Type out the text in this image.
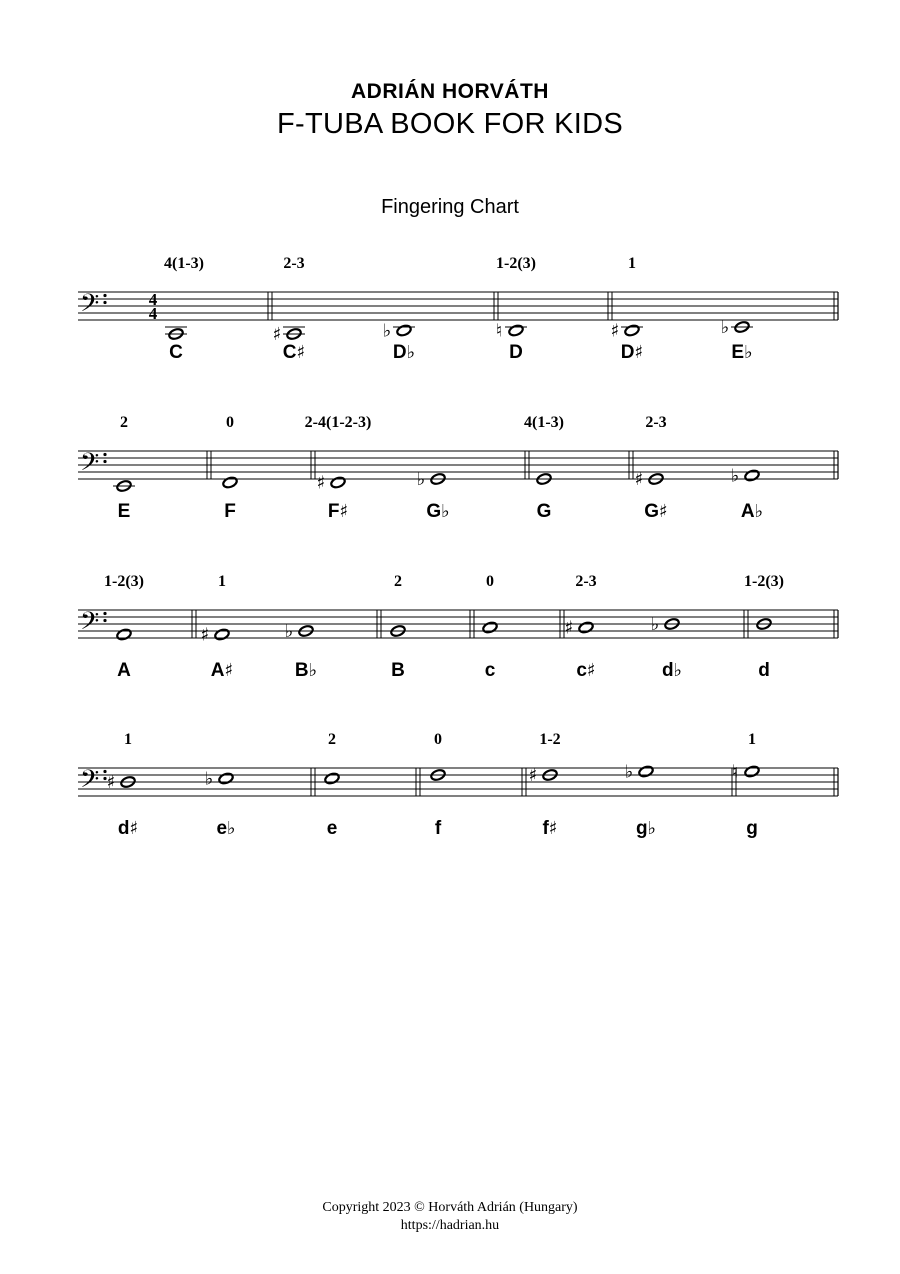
ADRIÁN HORVÁTH
F-TUBA BOOK FOR KIDS
Fingering Chart
𝄢	4
4
C
4(1-3)
♯
C♯
2-3
♭
D♭
♮
D
1-2(3)
♯
D♯
1
♭
E♭
𝄢
E
2
F
0
♯
F♯
2-4(1-2-3)
♭
G♭	G
4(1-3)
♯
G♯
2-3
♭
A♭
𝄢
A
1-2(3)
♯
A♯
1
♭
B♭	B
2
c
0
♯
c♯
2-3
♭
d♭	d
1-2(3)
𝄢 ♯
d♯
1
♭
e♭	e
2
f
0
♯
f♯
1-2
♭
g♭
♮
g
1
Copyright 2023 © Horváth Adrián (Hungary)
https://hadrian.hu
